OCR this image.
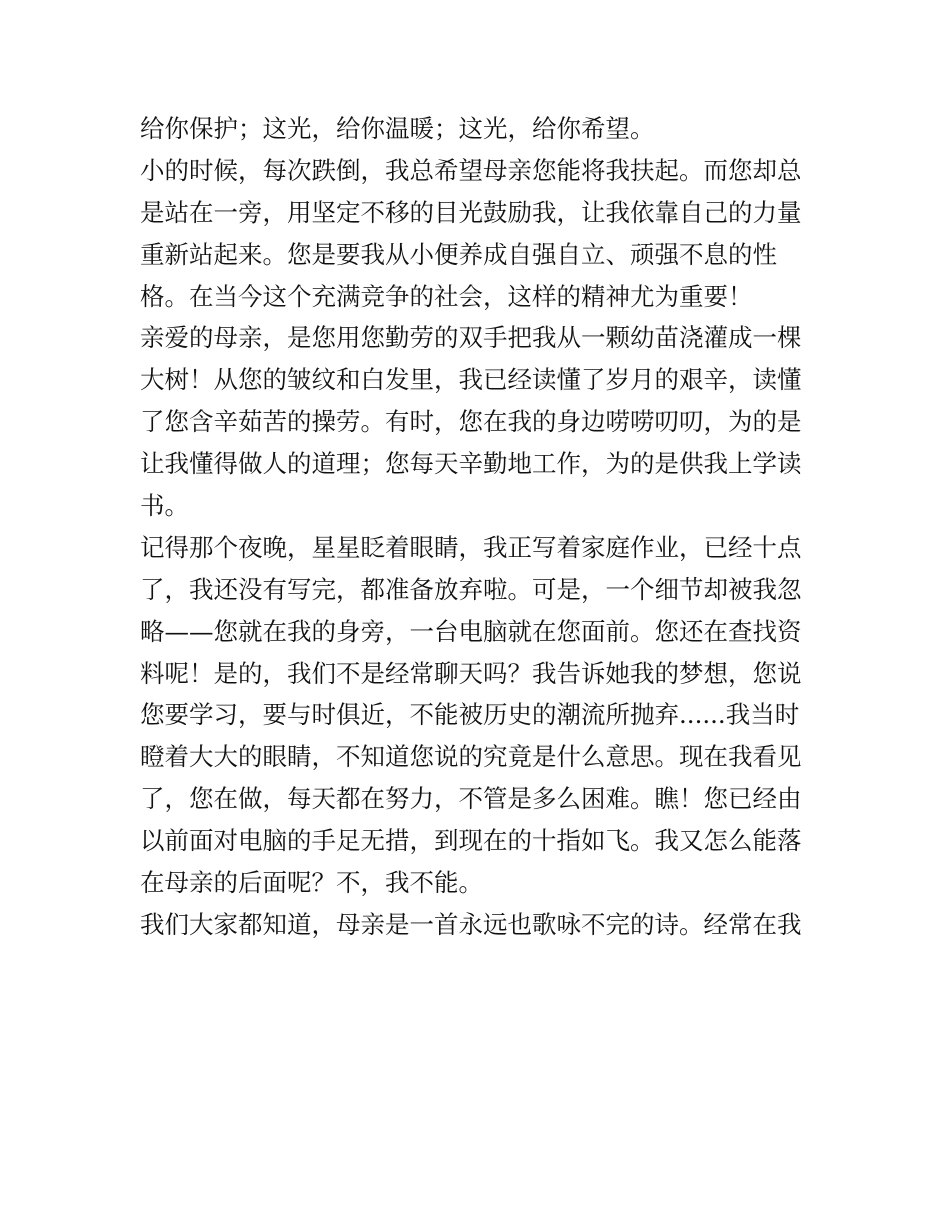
给你保护；这光，给你温暖；这光，给你希望。
小的时候，每次跌倒，我总希望母亲您能将我扶起。而您却总
是站在一旁，用坚定不移的目光鼓励我，让我依靠自己的力量
重新站起来。您是要我从小便养成自强自立、顽强不息的性
格。在当今这个充满竞争的社会，这样的精神尤为重要！
亲爱的母亲，是您用您勤劳的双手把我从一颗幼苗浇灌成一棵
大树！从您的皱纹和白发里，我已经读懂了岁月的艰辛，读懂
了您含辛茹苦的操劳。有时，您在我的身边唠唠叨叨，为的是
让我懂得做人的道理；您每天辛勤地工作，为的是供我上学读
书。
记得那个夜晚，星星眨着眼睛，我正写着家庭作业，已经十点
了，我还没有写完，都准备放弃啦。可是，一个细节却被我忽
略——您就在我的身旁，一台电脑就在您面前。您还在查找资
料呢！是的，我们不是经常聊天吗？我告诉她我的梦想，您说
您要学习，要与时俱近，不能被历史的潮流所抛弃......我当时
瞪着大大的眼睛，不知道您说的究竟是什么意思。现在我看见
了，您在做，每天都在努力，不管是多么困难。瞧！您已经由
以前面对电脑的手足无措，到现在的十指如飞。我又怎么能落
在母亲的后面呢？不，我不能。
我们大家都知道，母亲是一首永远也歌咏不完的诗。经常在我
